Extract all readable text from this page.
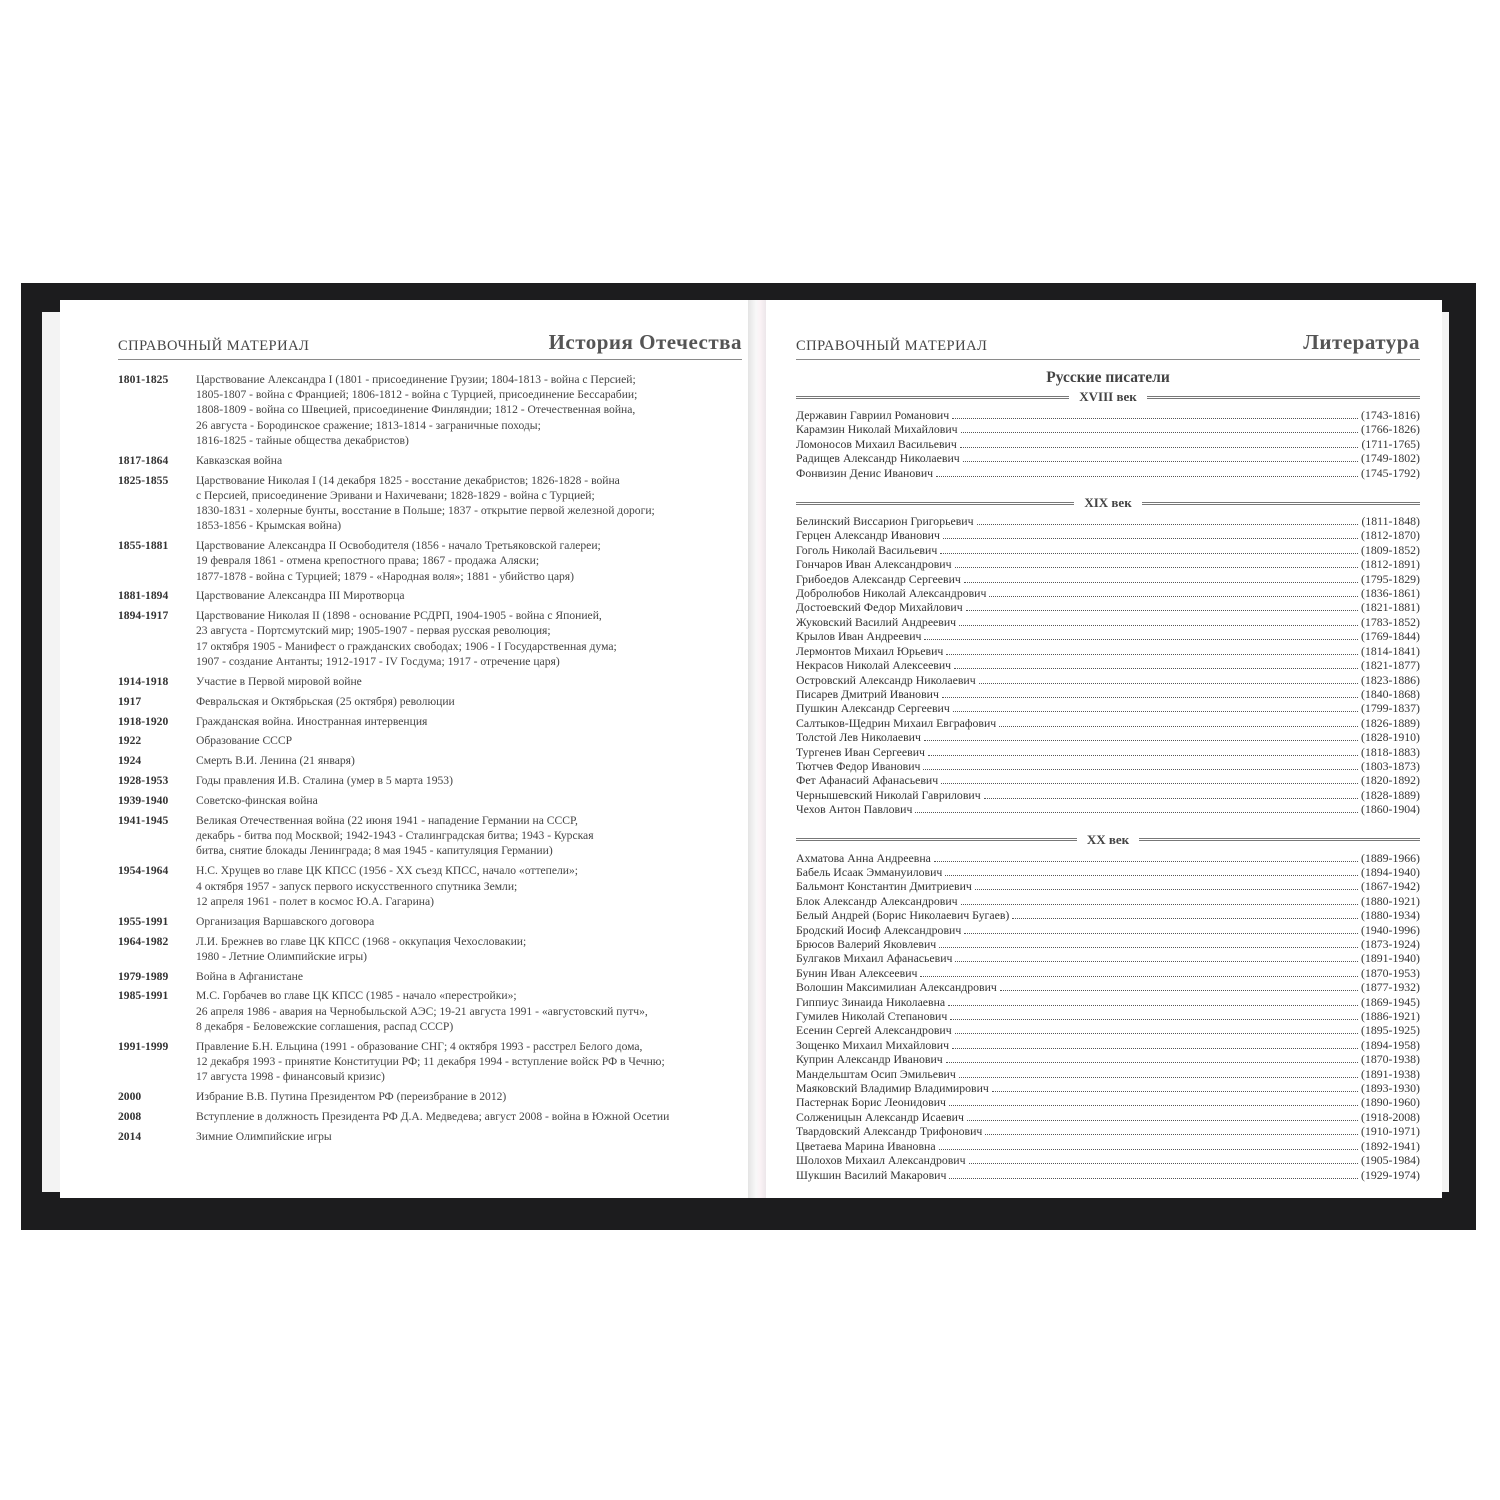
СПРАВОЧНЫЙ МАТЕРИАЛ	История Отечества
1801-1825	Царствование Александра I (1801 - присоединение Грузии; 1804-1813 - война с Персией;
1805-1807 - война с Францией; 1806-1812 - война с Турцией, присоединение Бессарабии;
1808-1809 - война со Швецией, присоединение Финляндии; 1812 - Отечественная война,
26 августа - Бородинское сражение; 1813-1814 - заграничные походы;
1816-1825 - тайные общества декабристов)
1817-1864	Кавказская война
1825-1855	Царствование Николая I (14 декабря 1825 - восстание декабристов; 1826-1828 - война
с Персией, присоединение Эривани и Нахичевани; 1828-1829 - война с Турцией;
1830-1831 - холерные бунты, восстание в Польше; 1837 - открытие первой железной дороги;
1853-1856 - Крымская война)
1855-1881	Царствование Александра II Освободителя (1856 - начало Третьяковской галереи;
19 февраля 1861 - отмена крепостного права; 1867 - продажа Аляски;
1877-1878 - война с Турцией; 1879 - «Народная воля»; 1881 - убийство царя)
1881-1894	Царствование Александра III Миротворца
1894-1917	Царствование Николая II (1898 - основание РСДРП, 1904-1905 - война с Японией,
23 августа - Портсмутский мир; 1905-1907 - первая русская революция;
17 октября 1905 - Манифест о гражданских свободах; 1906 - I Государственная дума;
1907 - создание Антанты; 1912-1917 - IV Госдума; 1917 - отречение царя)
1914-1918	Участие в Первой мировой войне
1917	Февральская и Октябрьская (25 октября) революции
1918-1920	Гражданская война. Иностранная интервенция
1922	Образование СССР
1924	Смерть В.И. Ленина (21 января)
1928-1953	Годы правления И.В. Сталина (умер в 5 марта 1953)
1939-1940	Советско-финская война
1941-1945	Великая Отечественная война (22 июня 1941 - нападение Германии на СССР,
декабрь - битва под Москвой; 1942-1943 - Сталинградская битва; 1943 - Курская
битва, снятие блокады Ленинграда; 8 мая 1945 - капитуляция Германии)
1954-1964	Н.С. Хрущев во главе ЦК КПСС (1956 - XX съезд КПСС, начало «оттепели»;
4 октября 1957 - запуск первого искусственного спутника Земли;
12 апреля 1961 - полет в космос Ю.А. Гагарина)
1955-1991	Организация Варшавского договора
1964-1982	Л.И. Брежнев во главе ЦК КПСС (1968 - оккупация Чехословакии;
1980 - Летние Олимпийские игры)
1979-1989	Война в Афганистане
1985-1991	М.С. Горбачев во главе ЦК КПСС (1985 - начало «перестройки»;
26 апреля 1986 - авария на Чернобыльской АЭС; 19-21 августа 1991 - «августовский путч»,
8 декабря - Беловежские соглашения, распад СССР)
1991-1999	Правление Б.Н. Ельцина (1991 - образование СНГ; 4 октября 1993 - расстрел Белого дома,
12 декабря 1993 - принятие Конституции РФ; 11 декабря 1994 - вступление войск РФ в Чечню;
17 августа 1998 - финансовый кризис)
2000	Избрание В.В. Путина Президентом РФ (переизбрание в 2012)
2008	Вступление в должность Президента РФ Д.А. Медведева; август 2008 - война в Южной Осетии
2014	Зимние Олимпийские игры
СПРАВОЧНЫЙ МАТЕРИАЛ	Литература
Русские писатели
XVIII век
Державин Гавриил Романович	(1743-1816)
Карамзин Николай Михайлович	(1766-1826)
Ломоносов Михаил Васильевич	(1711-1765)
Радищев Александр Николаевич	(1749-1802)
Фонвизин Денис Иванович	(1745-1792)
XIX век
Белинский Виссарион Григорьевич	(1811-1848)
Герцен Александр Иванович	(1812-1870)
Гоголь Николай Васильевич	(1809-1852)
Гончаров Иван Александрович	(1812-1891)
Грибоедов Александр Сергеевич	(1795-1829)
Добролюбов Николай Александрович	(1836-1861)
Достоевский Федор Михайлович	(1821-1881)
Жуковский Василий Андреевич	(1783-1852)
Крылов Иван Андреевич	(1769-1844)
Лермонтов Михаил Юрьевич	(1814-1841)
Некрасов Николай Алексеевич	(1821-1877)
Островский Александр Николаевич	(1823-1886)
Писарев Дмитрий Иванович	(1840-1868)
Пушкин Александр Сергеевич	(1799-1837)
Салтыков-Щедрин Михаил Евграфович	(1826-1889)
Толстой Лев Николаевич	(1828-1910)
Тургенев Иван Сергеевич	(1818-1883)
Тютчев Федор Иванович	(1803-1873)
Фет Афанасий Афанасьевич	(1820-1892)
Чернышевский Николай Гаврилович	(1828-1889)
Чехов Антон Павлович	(1860-1904)
XX век
Ахматова Анна Андреевна	(1889-1966)
Бабель Исаак Эммануилович	(1894-1940)
Бальмонт Константин Дмитриевич	(1867-1942)
Блок Александр Александрович	(1880-1921)
Белый Андрей (Борис Николаевич Бугаев)	(1880-1934)
Бродский Иосиф Александрович	(1940-1996)
Брюсов Валерий Яковлевич	(1873-1924)
Булгаков Михаил Афанасьевич	(1891-1940)
Бунин Иван Алексеевич	(1870-1953)
Волошин Максимилиан Александрович	(1877-1932)
Гиппиус Зинаида Николаевна	(1869-1945)
Гумилев Николай Степанович	(1886-1921)
Есенин Сергей Александрович	(1895-1925)
Зощенко Михаил Михайлович	(1894-1958)
Куприн Александр Иванович	(1870-1938)
Мандельштам Осип Эмильевич	(1891-1938)
Маяковский Владимир Владимирович	(1893-1930)
Пастернак Борис Леонидович	(1890-1960)
Солженицын Александр Исаевич	(1918-2008)
Твардовский Александр Трифонович	(1910-1971)
Цветаева Марина Ивановна	(1892-1941)
Шолохов Михаил Александрович	(1905-1984)
Шукшин Василий Макарович	(1929-1974)
